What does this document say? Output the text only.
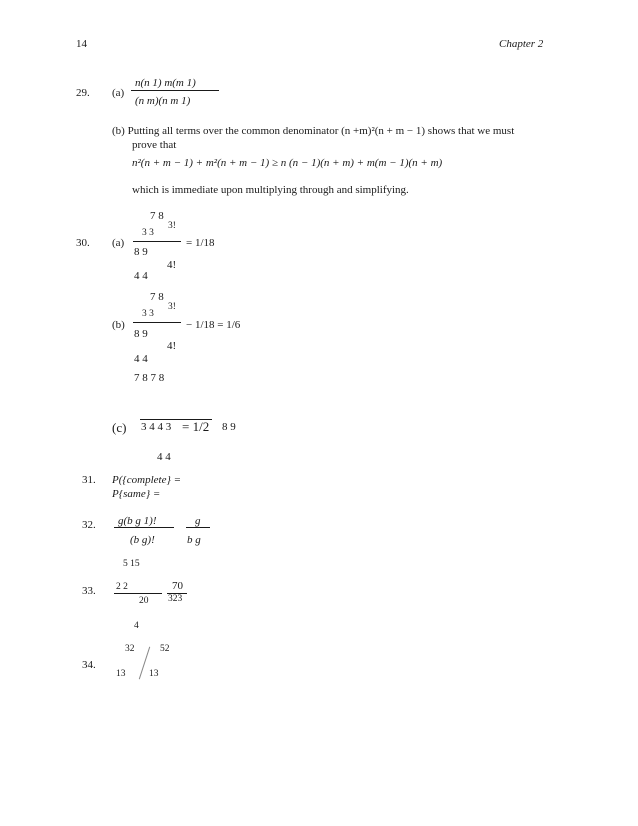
14	Chapter 2
29. (a)
n(n 1) m(m 1)
(n m)(n m 1)
(b) Putting all terms over the common denominator (n +m)²(n + m − 1) shows that we must
prove that
n²(n + m − 1) + m²(n + m − 1) ≥ n (n − 1)(n + m) + m(m − 1)(n + m)
which is immediate upon multiplying through and simplifying.
7 8
3!
3 3
30. (a)	= 1/18
8 9
4!
4 4
7 8
3!
3 3
(b)	− 1/18 = 1/6
8 9
4!
4 4
7 8 7 8
(c) 3 4 4 3 = 1/2 8 9
4 4
31. P({complete} =
P{same} =
32. g(b g 1)!
(b g)!
g
b g
5 15
33. 2 2
20
70
323
4
32	52
34.
13 13
